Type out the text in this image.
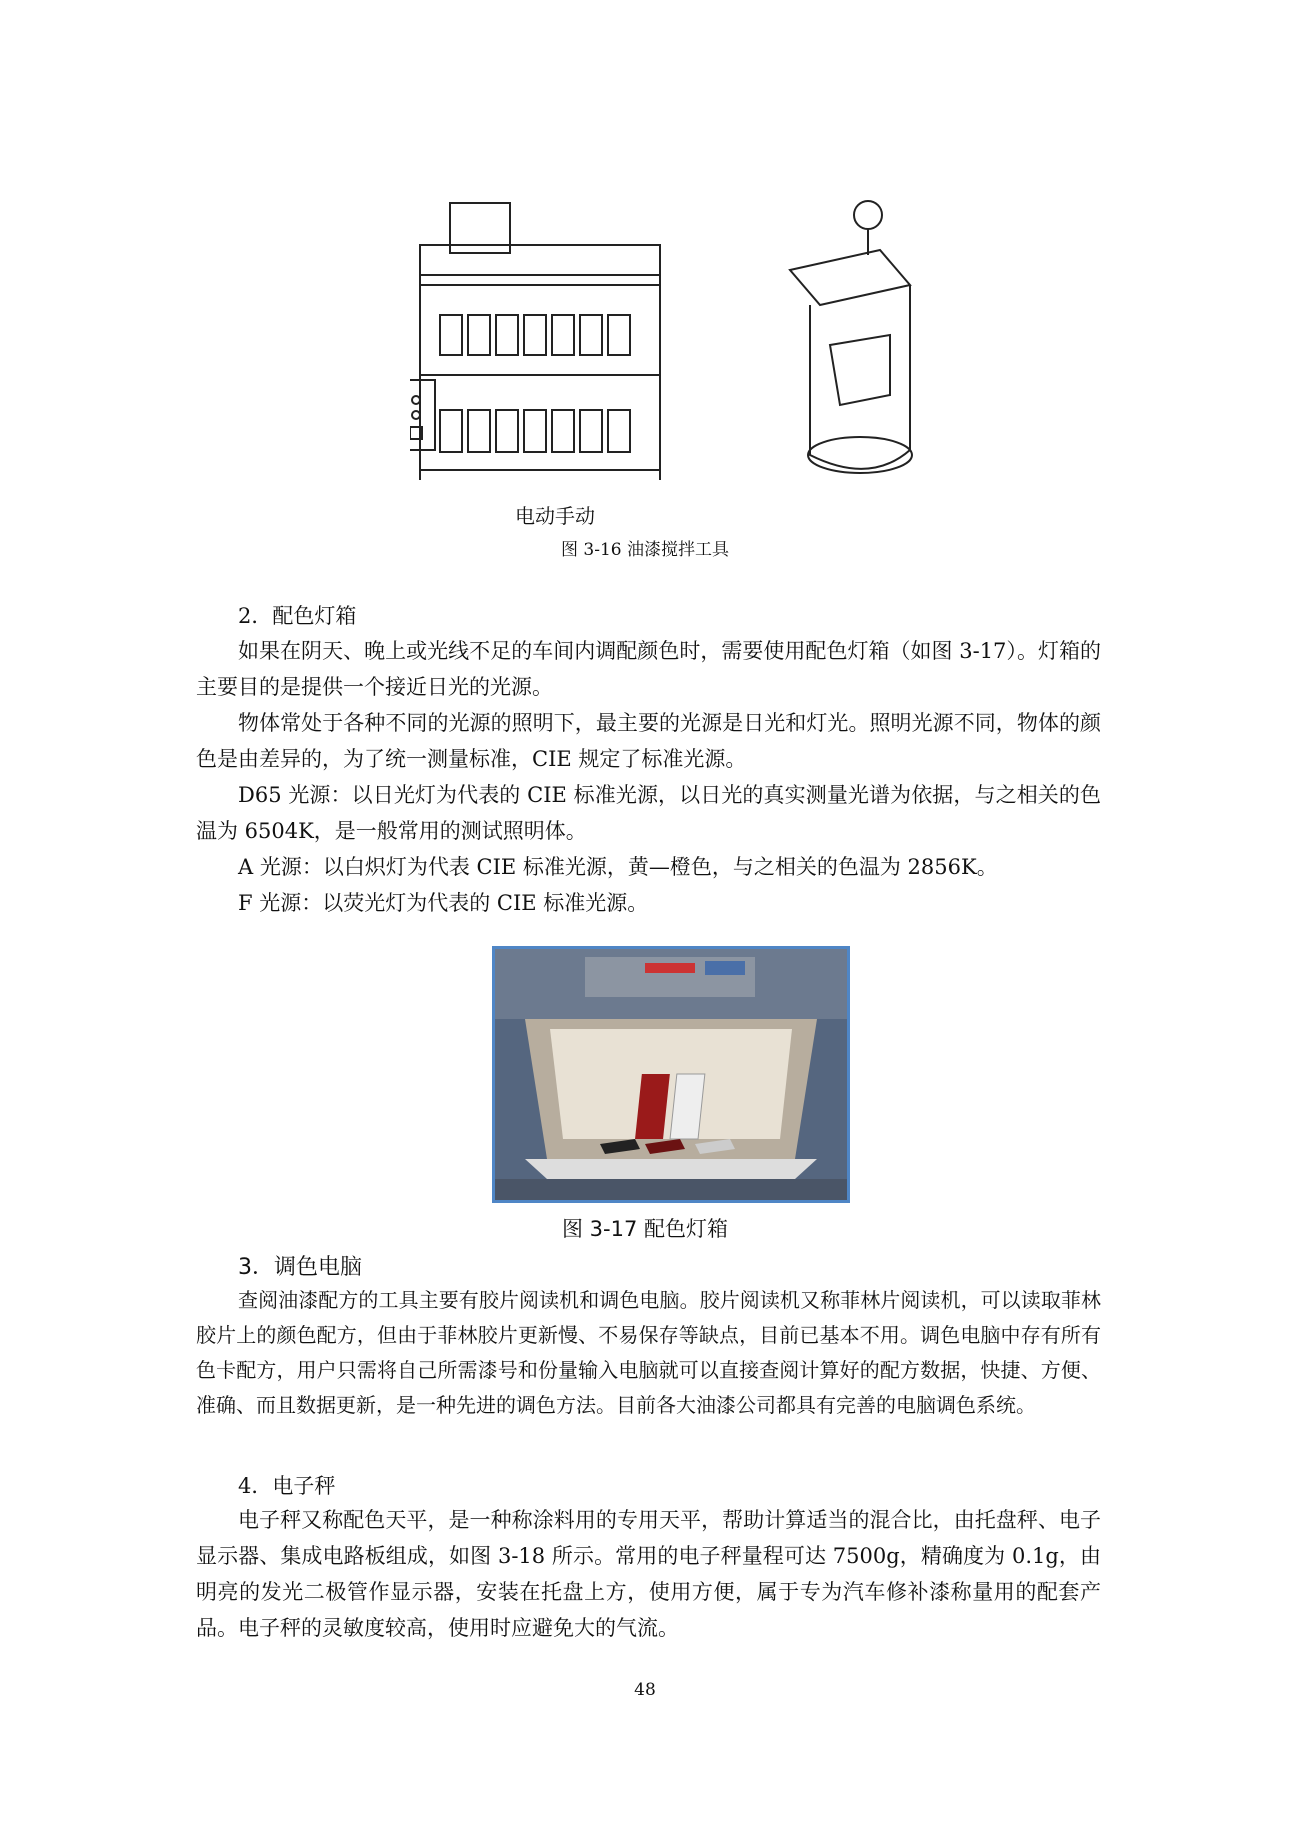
电动手动
图 3-16 油漆搅拌工具
2．配色灯箱
如果在阴天、晚上或光线不足的车间内调配颜色时，需要使用配色灯箱（如图 3-17）。灯箱的主要目的是提供一个接近日光的光源。
物体常处于各种不同的光源的照明下，最主要的光源是日光和灯光。照明光源不同，物体的颜色是由差异的，为了统一测量标准，CIE 规定了标准光源。
D65 光源：以日光灯为代表的 CIE 标准光源，以日光的真实测量光谱为依据，与之相关的色温为 6504K，是一般常用的测试照明体。
A 光源：以白炽灯为代表 CIE 标准光源，黄—橙色，与之相关的色温为 2856K。
F 光源：以荧光灯为代表的 CIE 标准光源。
图 3-17 配色灯箱
3．调色电脑
查阅油漆配方的工具主要有胶片阅读机和调色电脑。胶片阅读机又称菲林片阅读机，可以读取菲林胶片上的颜色配方，但由于菲林胶片更新慢、不易保存等缺点，目前已基本不用。调色电脑中存有所有色卡配方，用户只需将自己所需漆号和份量输入电脑就可以直接查阅计算好的配方数据，快捷、方便、准确、而且数据更新，是一种先进的调色方法。目前各大油漆公司都具有完善的电脑调色系统。
4．电子秤
电子秤又称配色天平，是一种称涂料用的专用天平，帮助计算适当的混合比，由托盘秤、电子显示器、集成电路板组成，如图 3-18 所示。常用的电子秤量程可达 7500g，精确度为 0.1g，由明亮的发光二极管作显示器，安装在托盘上方，使用方便，属于专为汽车修补漆称量用的配套产品。电子秤的灵敏度较高，使用时应避免大的气流。
48
